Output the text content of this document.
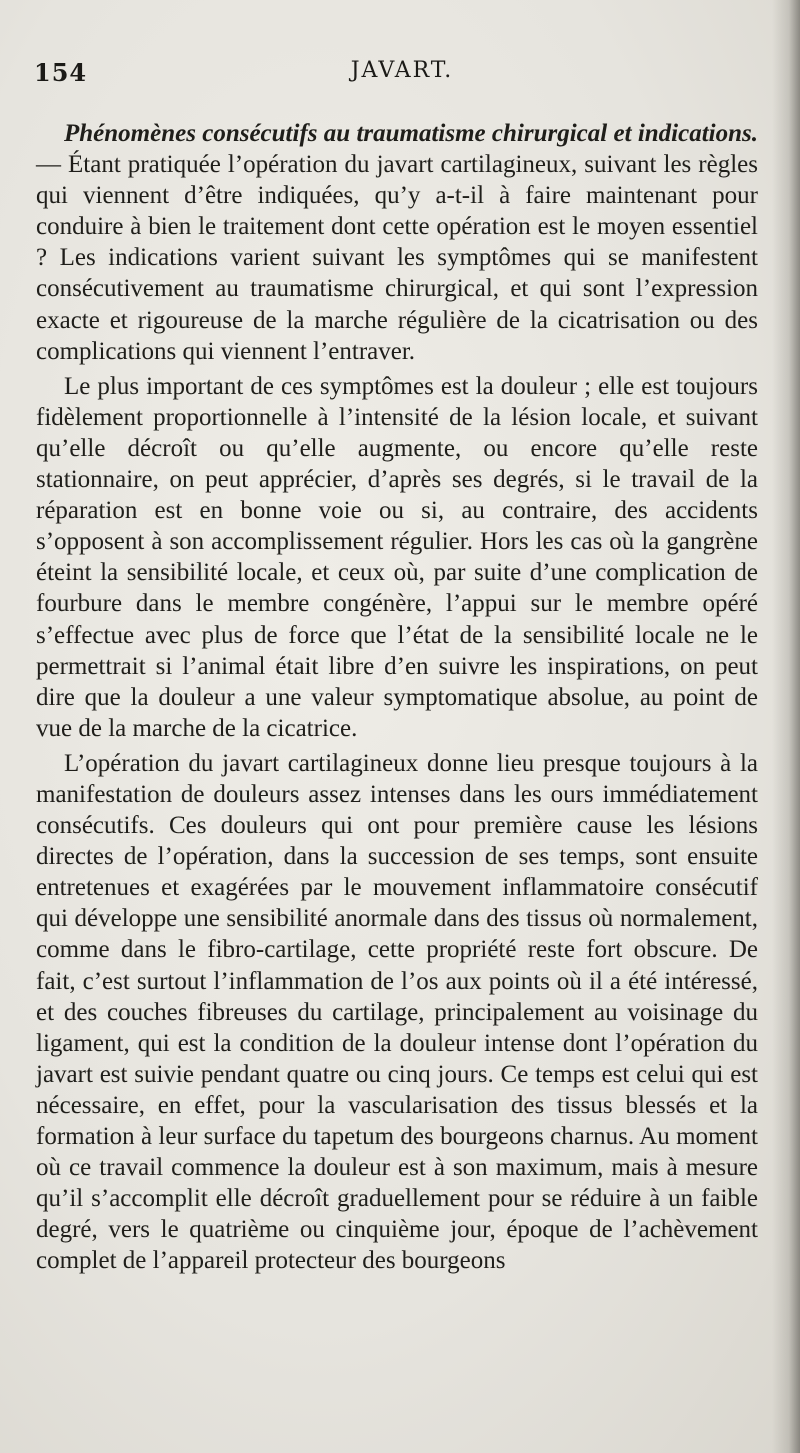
154	JAVART.

Phénomènes consécutifs au traumatisme chirurgical et indications. — Étant pratiquée l’opération du javart cartilagineux, suivant les règles qui viennent d’être indiquées, qu’y a-t-il à faire maintenant pour conduire à bien le traitement dont cette opération est le moyen essentiel ? Les indications varient suivant les symptômes qui se manifestent consécutivement au traumatisme chirurgical, et qui sont l’expression exacte et rigoureuse de la marche régulière de la cicatrisation ou des complications qui viennent l’entraver.

Le plus important de ces symptômes est la douleur ; elle est toujours fidèlement proportionnelle à l’intensité de la lésion locale, et suivant qu’elle décroît ou qu’elle augmente, ou encore qu’elle reste stationnaire, on peut apprécier, d’après ses degrés, si le travail de la réparation est en bonne voie ou si, au contraire, des accidents s’opposent à son accomplissement régulier. Hors les cas où la gangrène éteint la sensibilité locale, et ceux où, par suite d’une complication de fourbure dans le membre congénère, l’appui sur le membre opéré s’effectue avec plus de force que l’état de la sensibilité locale ne le permettrait si l’animal était libre d’en suivre les inspirations, on peut dire que la douleur a une valeur symptomatique absolue, au point de vue de la marche de la cicatrice.

L’opération du javart cartilagineux donne lieu presque toujours à la manifestation de douleurs assez intenses dans les ours immédiatement consécutifs. Ces douleurs qui ont pour première cause les lésions directes de l’opération, dans la succession de ses temps, sont ensuite entretenues et exagérées par le mouvement inflammatoire consécutif qui développe une sensibilité anormale dans des tissus où normalement, comme dans le fibro-cartilage, cette propriété reste fort obscure. De fait, c’est surtout l’inflammation de l’os aux points où il a été intéressé, et des couches fibreuses du cartilage, principalement au voisinage du ligament, qui est la condition de la douleur intense dont l’opération du javart est suivie pendant quatre ou cinq jours. Ce temps est celui qui est nécessaire, en effet, pour la vascularisation des tissus blessés et la formation à leur surface du tapetum des bourgeons charnus. Au moment où ce travail commence la douleur est à son maximum, mais à mesure qu’il s’accomplit elle décroît graduellement pour se réduire à un faible degré, vers le quatrième ou cinquième jour, époque de l’achèvement complet de l’appareil protecteur des bourgeons
